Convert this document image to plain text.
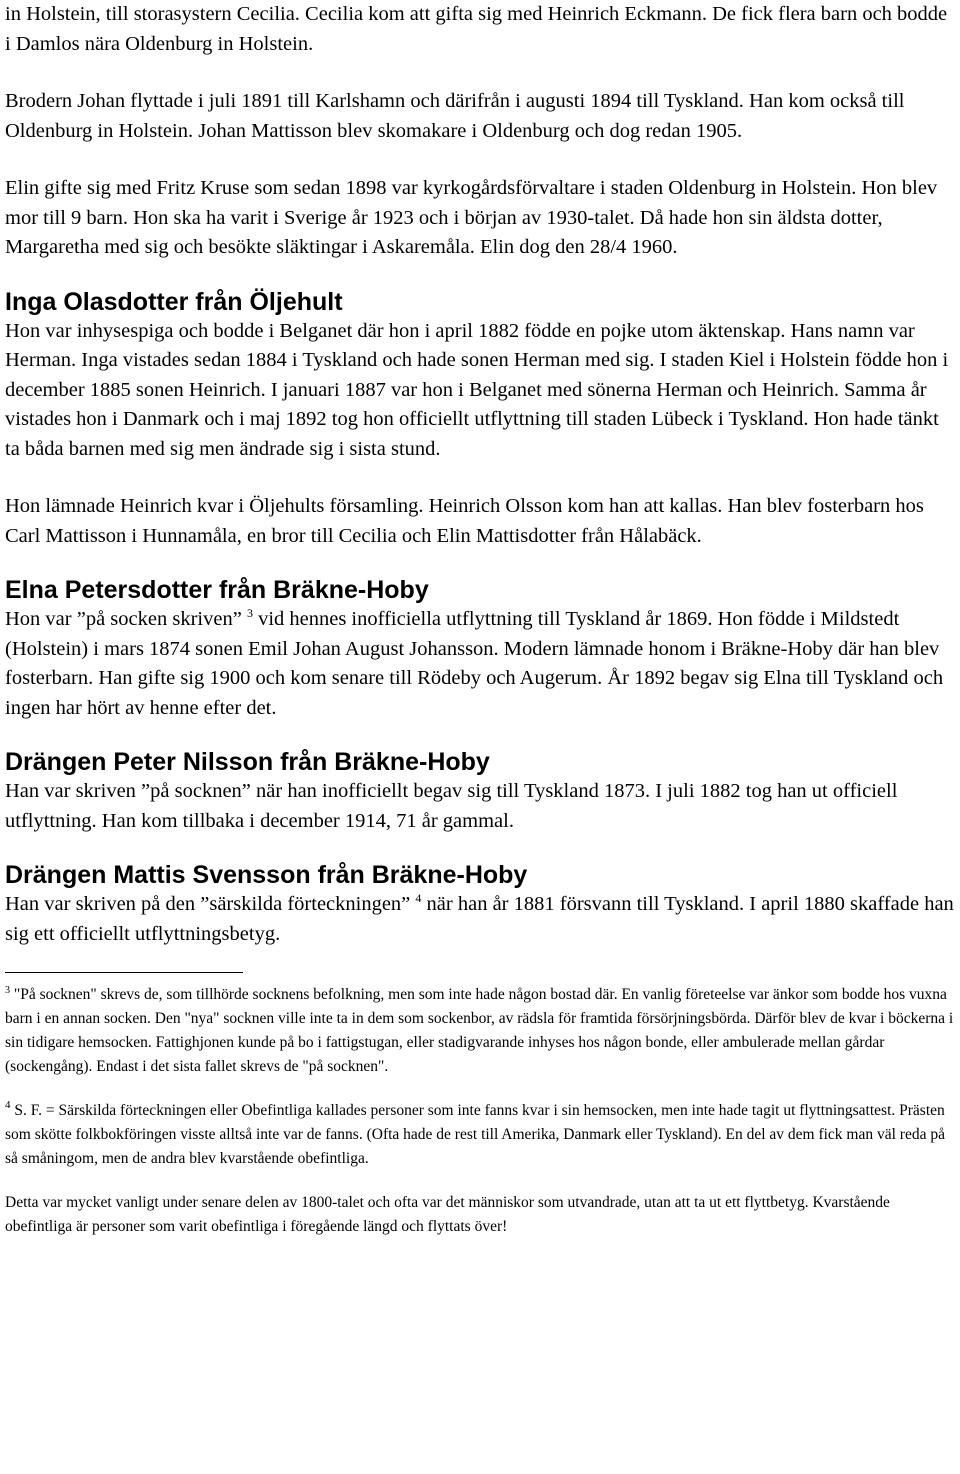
in Holstein, till storasystern Cecilia. Cecilia kom att gifta sig med Heinrich Eckmann. De fick flera barn och bodde i Damlos nära Oldenburg in Holstein.

Brodern Johan flyttade i juli 1891 till Karlshamn och därifrån i augusti 1894 till Tyskland. Han kom också till Oldenburg in Holstein. Johan Mattisson blev skomakare i Oldenburg och dog redan 1905.

Elin gifte sig med Fritz Kruse som sedan 1898 var kyrkogårdsförvaltare i staden Oldenburg in Holstein. Hon blev mor till 9 barn. Hon ska ha varit i Sverige år 1923 och i början av 1930-talet. Då hade hon sin äldsta dotter, Margaretha med sig och besökte släktingar i Askaremåla. Elin dog den 28/4 1960.

Inga Olasdotter från Öljehult

Hon var inhysespiga och bodde i Belganet där hon i april 1882 födde en pojke utom äktenskap. Hans namn var Herman. Inga vistades sedan 1884 i Tyskland och hade sonen Herman med sig. I staden Kiel i Holstein födde hon i december 1885 sonen Heinrich. I januari 1887 var hon i Belganet med sönerna Herman och Heinrich. Samma år vistades hon i Danmark och i maj 1892 tog hon officiellt utflyttning till staden Lübeck i Tyskland. Hon hade tänkt ta båda barnen med sig men ändrade sig i sista stund.

Hon lämnade Heinrich kvar i Öljehults församling. Heinrich Olsson kom han att kallas. Han blev fosterbarn hos Carl Mattisson i Hunnamåla, en bror till Cecilia och Elin Mattisdotter från Hålabäck.

Elna Petersdotter från Bräkne-Hoby

Hon var ”på socken skriven” $^3$ vid hennes inofficiella utflyttning till Tyskland år 1869. Hon födde i Mildstedt (Holstein) i mars 1874 sonen Emil Johan August Johansson. Modern lämnade honom i Bräkne-Hoby där han blev fosterbarn. Han gifte sig 1900 och kom senare till Rödeby och Augerum. År 1892 begav sig Elna till Tyskland och ingen har hört av henne efter det.

Drängen Peter Nilsson från Bräkne-Hoby

Han var skriven ”på socknen” när han inofficiellt begav sig till Tyskland 1873. I juli 1882 tog han ut officiell utflyttning. Han kom tillbaka i december 1914, 71 år gammal.

Drängen Mattis Svensson från Bräkne-Hoby

Han var skriven på den ”särskilda förteckningen” $^4$ när han år 1881 försvann till Tyskland. I april 1880 skaffade han sig ett officiellt utflyttningsbetyg.

$^3$ "På socknen" skrevs de, som tillhörde socknens befolkning, men som inte hade någon bostad där. En vanlig företeelse var änkor som bodde hos vuxna barn i en annan socken. Den "nya" socknen ville inte ta in dem som sockenbor, av rädsla för framtida försörjningsbörda. Därför blev de kvar i böckerna i sin tidigare hemsocken. Fattighjonen kunde på bo i fattigstugan, eller stadigvarande inhyses hos någon bonde, eller ambulerade mellan gårdar (sockengång). Endast i det sista fallet skrevs de "på socknen".

$^4$ S. F. = Särskilda förteckningen eller Obefintliga kallades personer som inte fanns kvar i sin hemsocken, men inte hade tagit ut flyttningsattest. Prästen som skötte folkbokföringen visste alltså inte var de fanns. (Ofta hade de rest till Amerika, Danmark eller Tyskland). En del av dem fick man väl reda på så småningom, men de andra blev kvarstående obefintliga.

Detta var mycket vanligt under senare delen av 1800-talet och ofta var det människor som utvandrade, utan att ta ut ett flyttbetyg. Kvarstående obefintliga är personer som varit obefintliga i föregående längd och flyttats över!
